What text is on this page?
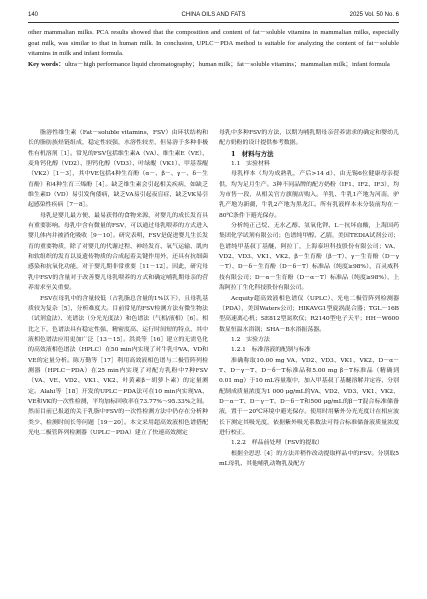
140	CHINA OILS AND FATS	2025 Vol. 50 No. 6

other mammalian milks. PCA results showed that the composition and content of fat－soluble vitamins in mammalian milks, especially goat milk, was similar to that in human milk. In conclusion, UPLC－PDA method is suitable for analyzing the content of fat－soluble vitamins in milk and infant formula.

Key words：ultra－high performance liquid chromatography；human milk；fat－soluble vitamins；mammalian milk；infant formula

脂溶性维生素（Fat－soluble vitamins，FSV）由环状结构和长的脂肪族烃链组成，稳定性较强，水溶性较差，但易溶于多种非极性有机溶剂［1］。常见的FSV包括维生素A（VA）、维生素E（VE）、麦角钙化醇（VD2）、胆钙化醇（VD3）、叶绿醌（VK1）、甲基萘醌（VK2）［1－3］，其中VE包括4种生育酚（α－、β－、γ－、δ－生育酚）和4种生育三烯酚［4］。缺乏维生素会引起相关疾病，如缺乏维生素D（VD）易引发佝偻病，缺乏VA易引起夜盲症，缺乏VK易引起感染性疾病［7－8］。

母乳是婴儿最方便、最易获得的食物来源，对婴儿的成长发育具有重要影响。母乳中含有微量的FSV，可以通过母乳喂养的方式进入婴儿体内并被消化吸收［9－10］。研究表明，FSV是促进婴儿生长发育的重要物质，除了对婴儿的代谢过程、神经发育、氧气运输、肌肉和软组织的发育以及遗传物质的合成起着关键作用外，还具有抗细菌感染和抗氧化功能，对于婴儿期非常重要［11－12］。因此，研究母乳中FSV的含量对于改善婴儿母乳喂养的方式和确定哺乳期母亲的营养需求至关重要。

FSV在母乳中的含量较低（占乳脂总含量的1%以下），且母乳基质较为复杂［5］，分析难度大。目前常见的FSV检测方法有微生物法（试剂盒法）、光谱法（分光光度法）和色谱法（气相/液相）［6］。相比之下，色谱法具有稳定性强、精密度高、运行时间短的特点，其中液相色谱法应用更加广泛［13－15］。洪炎等［16］建立的无需皂化的高效液相色谱法（HPLC）在50 min内实现了对牛乳中VA、VD和VE的定量分析。陈万勤等［17］利用高效液相色谱与二极管阵列检测器（HPLC－PDA）在25 min内实现了对配方乳粉中7种FSV（VA、VE、VD2、VK1、VK2、叶黄素β－胡萝卜素）的定量测定。Alahi等［18］开发的UPLC－PDA法可在10 min内实现VA、VE和VK的一次性检测，平均加标回收率在73.77%～95.33%之间。然而目前已报道的关于乳脂中FSV的一次性检测方法中仍存在分析种类少、检测时间长等问题［19－20］。本文采用超高效液相色谱搭配光电二极管阵列检测器（UPLC－PDA）建立了快速高效测定

母乳中多种FSV的方法，以期为哺乳期母亲营养需求的确定和婴幼儿配方奶粉的设计提供参考数据。

1　材料与方法

1.1　实验材料

母乳样本（均为成熟乳，产后>14 d），由无锡6位健康母亲提供，均为足月生产。3种不同品牌的配方奶粉（IF1、IF2、IF3），均为市售一段，从相关官方旗舰店购入。羊乳、牛乳1产地为河南，驴乳产地为新疆，牛乳2产地为黑龙江。所有乳液样本未分装前均在－80℃条件下避光保存。

分析纯正己烷、无水乙醇、氢氧化钾、L－抗坏血酸，上海国药集团化学试剂有限公司；色谱纯甲醇、乙腈，美国TEDIA试剂公司；色谱纯甲基叔丁基醚，阿拉丁，上海泰坦科技股份有限公司；VA、VD2、VD3、VK1、VK2、β－生育酚（β－T）、γ－生育酚（D－γ－T）、D－δ－生育酚（D－δ－T）标准品（纯度≥98%），百灵威科技有限公司；D－α－生育酚（D－α－T）标准品（纯度≥98%），上海阿拉丁生化科技股份有限公司。

Acquity超高效液相色谱仪（UPLC）、光电二极管阵列检测器（PDA），美国Waters公司；HIKAVG1型旋涡混合器；TGL－16B型高速离心机；SE812型氮吹仪；R2140型电子天平；HH－W600数显恒温水浴锅；SHA－B水浴振荡器。

1.2　实验方法

1.2.1　标准溶液的配制与标准

准确称取10.00 mg VA、VD2、VD3、VK1、VK2、D－α－T、D－γ－T、D－δ－T标准品和5.00 mg β－T标准品（精确到0.01 mg）于10 mL容量瓶中，加入甲基叔丁基醚溶解并定容，分别配制成质量浓度为1 000 μg/mL的VA、VD2、VD3、VK1、VK2、D－α－T、D－γ－T、D－δ－T和500 μg/mL的β－T混合标准储备液，置于－20℃环境中避光保存。使用时用紫外分光光度计在相应波长下测定其吸光度，依据紫外吸光系数法可得合标准储备液质量浓度进行校正。

1.2.2　样品前处理（FSV的提取）

根据全思思［4］的方法并稍作改动提取样品中的FSV。分别取5 mL母乳、其他哺乳动物乳及配方
